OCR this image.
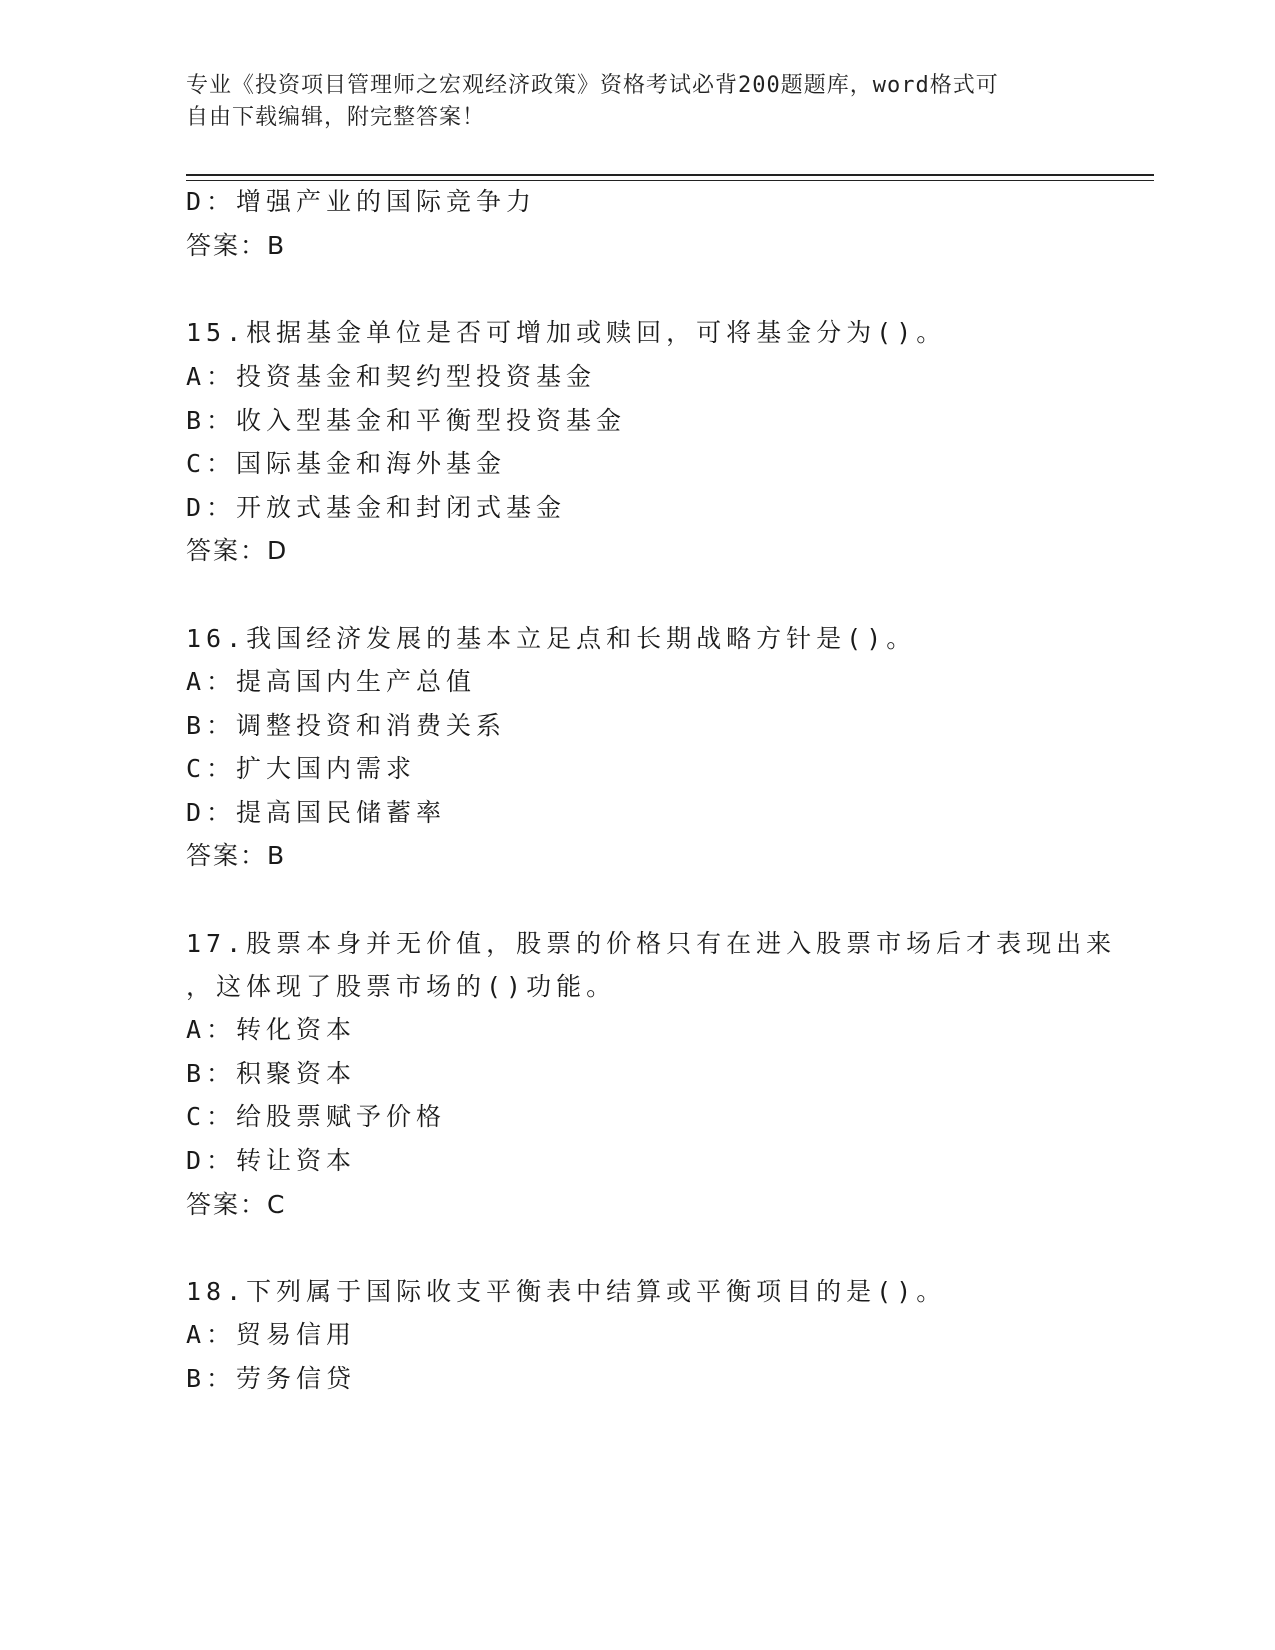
专业《投资项目管理师之宏观经济政策》资格考试必背200题题库，word格式可
自由下载编辑，附完整答案！
D：增强产业的国际竞争力
答案：B
15.根据基金单位是否可增加或赎回，可将基金分为()。
A：投资基金和契约型投资基金
B：收入型基金和平衡型投资基金
C：国际基金和海外基金
D：开放式基金和封闭式基金
答案：D
16.我国经济发展的基本立足点和长期战略方针是()。
A：提高国内生产总值
B：调整投资和消费关系
C：扩大国内需求
D：提高国民储蓄率
答案：B
17.股票本身并无价值，股票的价格只有在进入股票市场后才表现出来
，这体现了股票市场的()功能。
A：转化资本
B：积聚资本
C：给股票赋予价格
D：转让资本
答案：C
18.下列属于国际收支平衡表中结算或平衡项目的是()。
A：贸易信用
B：劳务信贷
